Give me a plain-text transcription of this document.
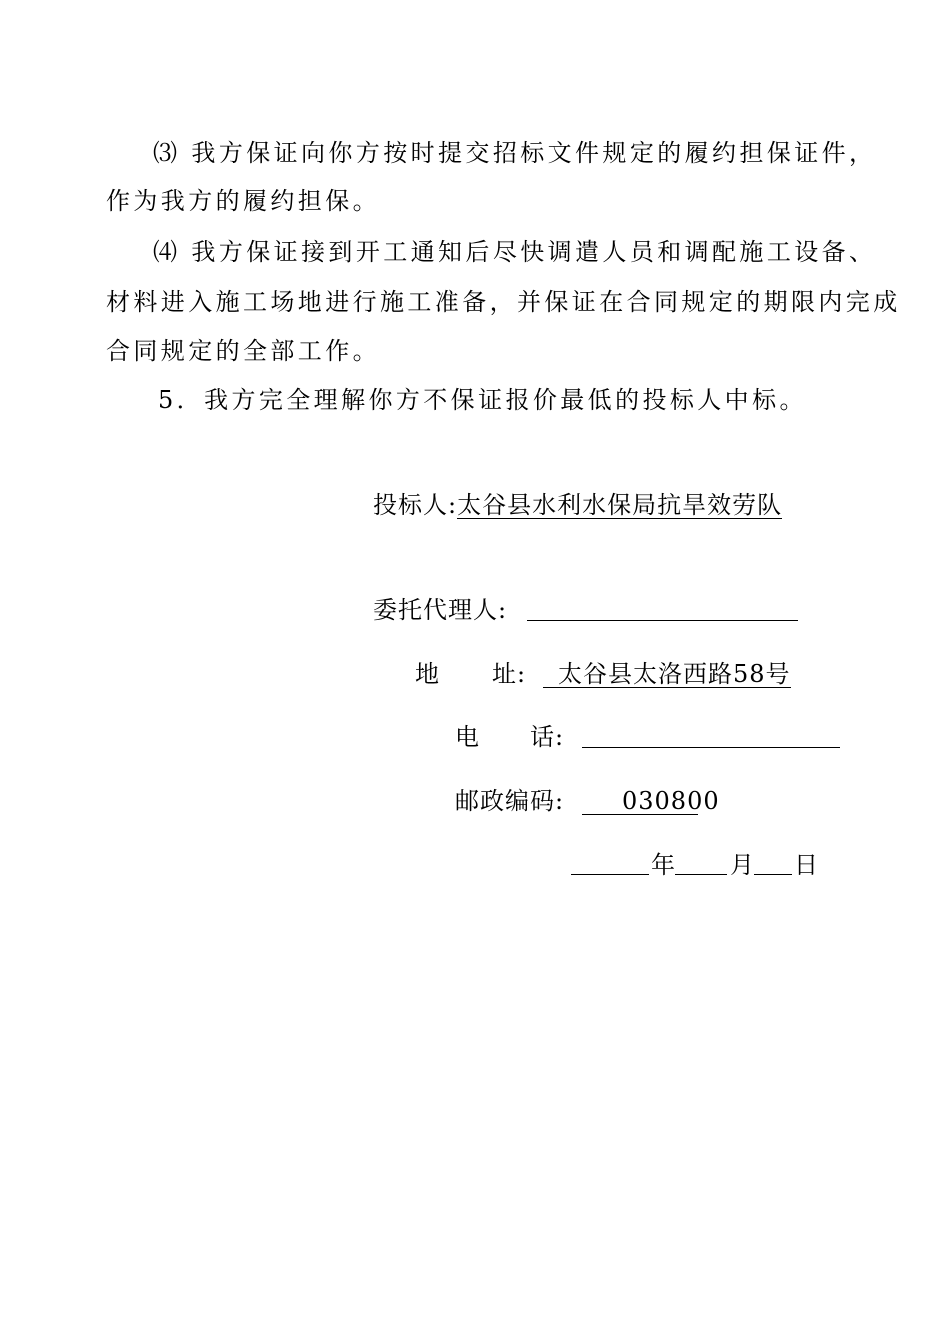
⑶ 我方保证向你方按时提交招标文件规定的履约担保证件，
作为我方的履约担保。
⑷ 我方保证接到开工通知后尽快调遣人员和调配施工设备、
材料进入施工场地进行施工准备，并保证在合同规定的期限内完成
合同规定的全部工作。
5．我方完全理解你方不保证报价最低的投标人中标。
投标人:太谷县水利水保局抗旱效劳队
委托代理人:
地 址:	太谷县太洛西路58号
电 话:
邮政编码:	030800
年 月 日
